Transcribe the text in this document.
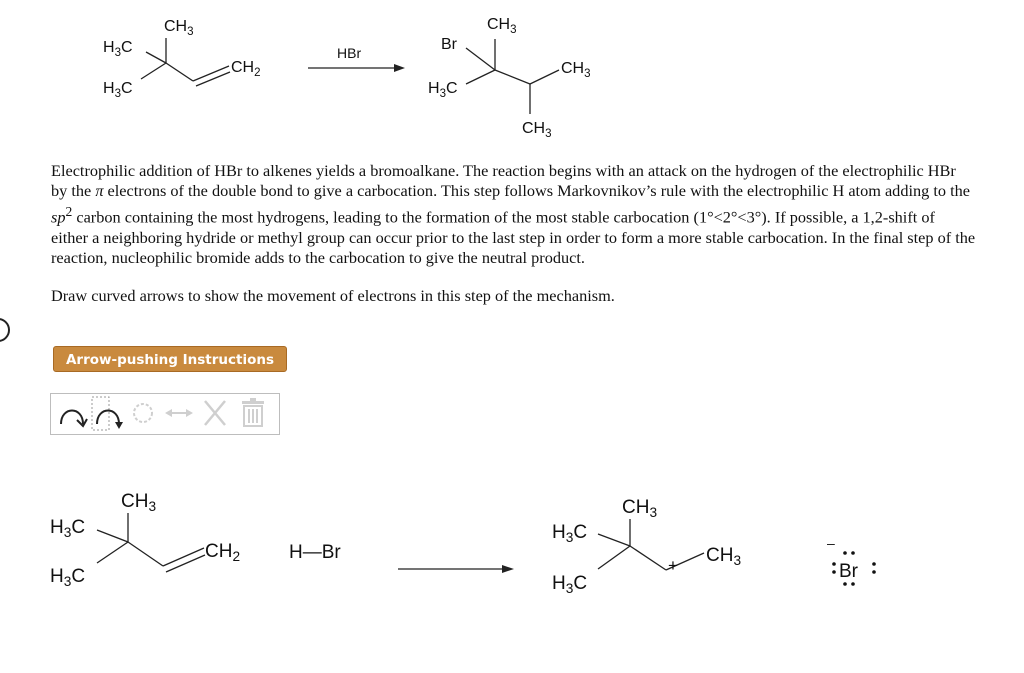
$CH_3$
$H_3C$
$H_3C$
$CH_2$
HBr
$CH_3$
Br
$CH_3$
$H_3C$
$CH_3$
$CH_3$
$H_3C$
$H_3C$
$CH_2$	H—Br
$CH_3$
$H_3C$
$H_3C$
+ $CH_3$
Br
–

Electrophilic addition of HBr to alkenes yields a bromoalkane. The reaction begins with an attack on the hydrogen of the electrophilic HBr by the π electrons of the double bond to give a carbocation. This step follows Markovnikov’s rule with the electrophilic H atom adding to the $sp^2$ carbon containing the most hydrogens, leading to the formation of the most stable carbocation (1°<2°<3°). If possible, a 1,2-shift of either a neighboring hydride or methyl group can occur prior to the last step in order to form a more stable carbocation. In the final step of the reaction, nucleophilic bromide adds to the carbocation to give the neutral product.

Draw curved arrows to show the movement of electrons in this step of the mechanism.

Arrow-pushing Instructions
